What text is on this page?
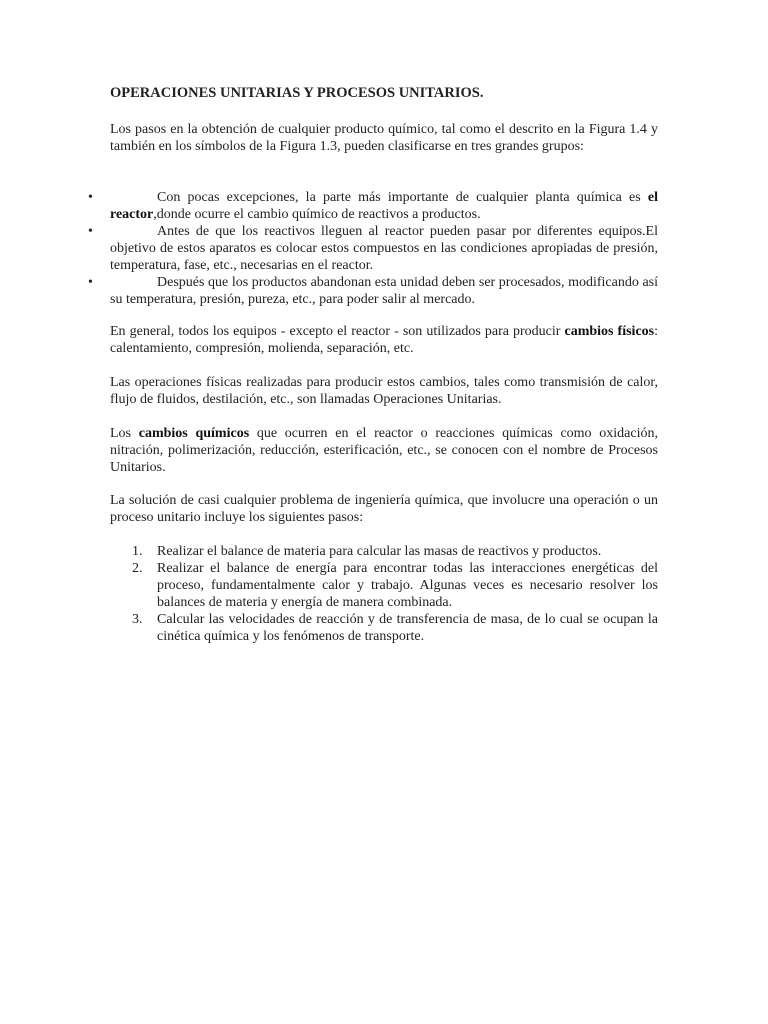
OPERACIONES UNITARIAS Y PROCESOS UNITARIOS.
Los pasos en la obtención de cualquier producto químico, tal como el descrito en la Figura 1.4 y también en los símbolos de la Figura 1.3, pueden clasificarse en tres grandes grupos:
•	Con pocas excepciones, la parte más importante de cualquier planta química es el reactor,donde ocurre el cambio químico de reactivos a productos.
•	Antes de que los reactivos lleguen al reactor pueden pasar por diferentes equipos.El objetivo de estos aparatos es colocar estos compuestos en las condiciones apropiadas de presión, temperatura, fase, etc., necesarias en el reactor.
•	Después que los productos abandonan esta unidad deben ser procesados, modificando así su temperatura, presión, pureza, etc., para poder salir al mercado.
En general, todos los equipos - excepto el reactor - son utilizados para producir cambios físicos: calentamiento, compresión, molienda, separación, etc.
Las operaciones físicas realizadas para producir estos cambios, tales como transmisión de calor, flujo de fluidos, destilación, etc., son llamadas Operaciones Unitarias.
Los cambios químicos que ocurren en el reactor o reacciones químicas como oxidación, nitración, polimerización, reducción, esterificación, etc., se conocen con el nombre de Procesos Unitarios.
La solución de casi cualquier problema de ingeniería química, que involucre una operación o un proceso unitario incluye los siguientes pasos:
1. Realizar el balance de materia para calcular las masas de reactivos y productos.
2. Realizar el balance de energía para encontrar todas las interacciones energéticas del proceso, fundamentalmente calor y trabajo. Algunas veces es necesario resolver los balances de materia y energía de manera combinada.
3. Calcular las velocidades de reacción y de transferencia de masa, de lo cual se ocupan la cinética química y los fenómenos de transporte.
